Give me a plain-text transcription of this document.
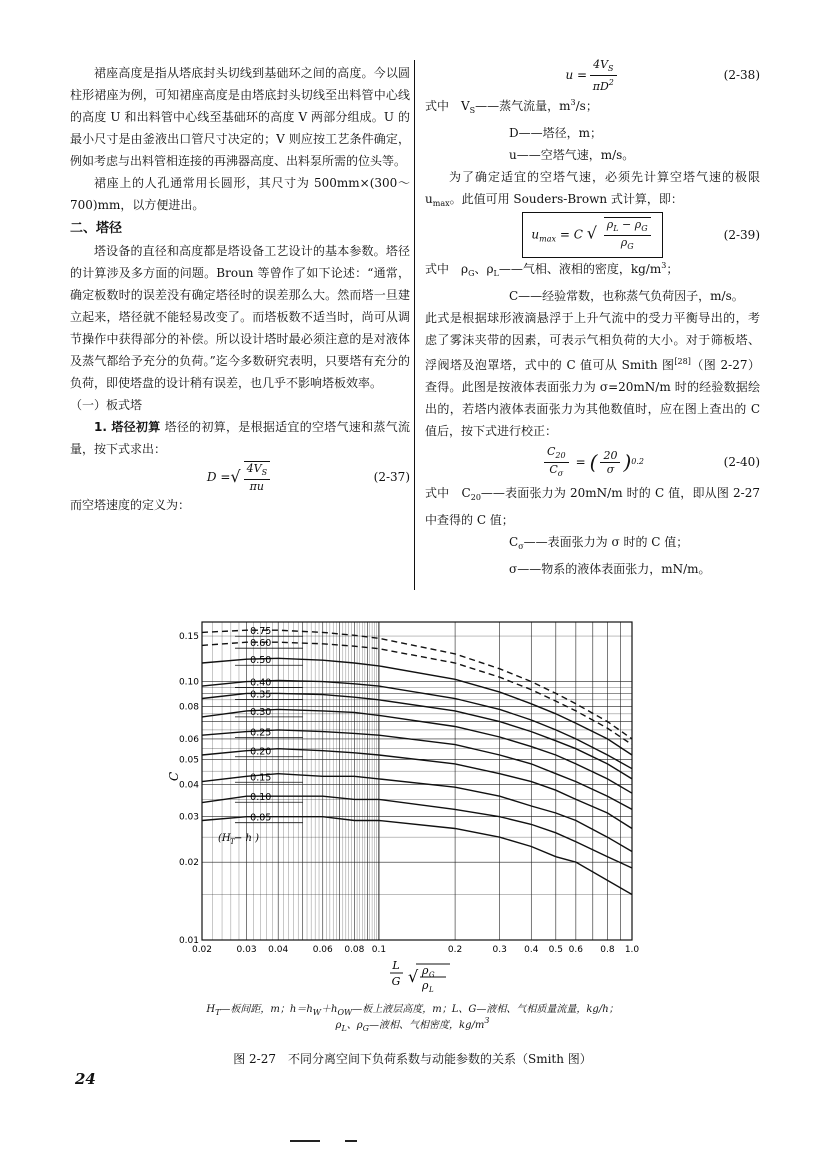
裙座高度是指从塔底封头切线到基础环之间的高度。今以圆柱形裙座为例，可知裙座高度是由塔底封头切线至出料管中心线的高度 U 和出料管中心线至基础环的高度 V 两部分组成。U 的最小尺寸是由釜液出口管尺寸决定的；V 则应按工艺条件确定，例如考虑与出料管相连接的再沸器高度、出料泵所需的位头等。

裙座上的人孔通常用长圆形，其尺寸为 500mm×(300～700)mm，以方便进出。

二、塔径

塔设备的直径和高度都是塔设备工艺设计的基本参数。塔径的计算涉及多方面的问题。Broun 等曾作了如下论述：“通常，确定板数时的误差没有确定塔径时的误差那么大。然而塔一旦建立起来，塔径就不能轻易改变了。而塔板数不适当时，尚可从调节操作中获得部分的补偿。所以设计塔时最必须注意的是对液体及蒸气都给予充分的负荷。”迄今多数研究表明，只要塔有充分的负荷，即使塔盘的设计稍有误差，也几乎不影响塔板效率。

（一）板式塔

1. 塔径初算 塔径的初算，是根据适宜的空塔气速和蒸气流量，按下式求出：

D = √ $\frac{4V_S}{\pi u}$	(2-37)

而空塔速度的定义为：

$u = \frac{4V_S}{\pi D^2}$	(2-38)

式中　$V_S——$蒸气流量，$m^3/s$；

D——塔径，m；

u——空塔气速，m/s。

为了确定适宜的空塔气速，必须先计算空塔气速的极限 $u_{max}$。此值可用 Souders-Brown 式计算，即：

$u_{max} = C$ √ $\frac{\rho_L - \rho_G}{\rho_G}$	(2-39)

式中　$\rho_G$、$\rho_L——$气相、液相的密度，$kg/m^3$；

C——经验常数，也称蒸气负荷因子，m/s。

此式是根据球形液滴悬浮于上升气流中的受力平衡导出的，考虑了雾沫夹带的因素，可表示气相负荷的大小。对于筛板塔、浮阀塔及泡罩塔，式中的 C 值可从 Smith 图[28]（图 2-27）查得。此图是按液体表面张力为 σ=20mN/m 时的经验数据绘出的，若塔内液体表面张力为其他数值时，应在图上查出的 C 值后，按下式进行校正：

$\frac{C_{20}}{C_\sigma}$ = ( $\frac{20}{\sigma}$ ) 0.2	(2-40)

式中　$C_{20}——$表面张力为 20mN/m 时的 C 值，即从图 2-27 中查得的 C 值；

$C_\sigma——$表面张力为 σ 时的 C 值；

σ——物系的液体表面张力，mN/m。

0.02	0.03 0.04	0.06 0.08 0.1	0.2	0.3 0.4 0.5 0.6 0.8 1.0
0.01
0.02
0.03
0.04
0.05
0.06
0.08
0.10
0.15	0.75
0.60
0.50
0.40
0.35
0.30
0.25
0.20
0.15
0.10
0.05
C
L
G √ ρ G
ρ L
(H T − h )
$H_T—$板间距，m；$h=h_W+h_{OW}—$板上液层高度，m；L、G—液相、气相质量流量，kg/h；
$\rho_L$、$\rho_G—$液相、气相密度，$kg/m^3$
图 2-27　不同分离空间下负荷系数与动能参数的关系（Smith 图）
24
